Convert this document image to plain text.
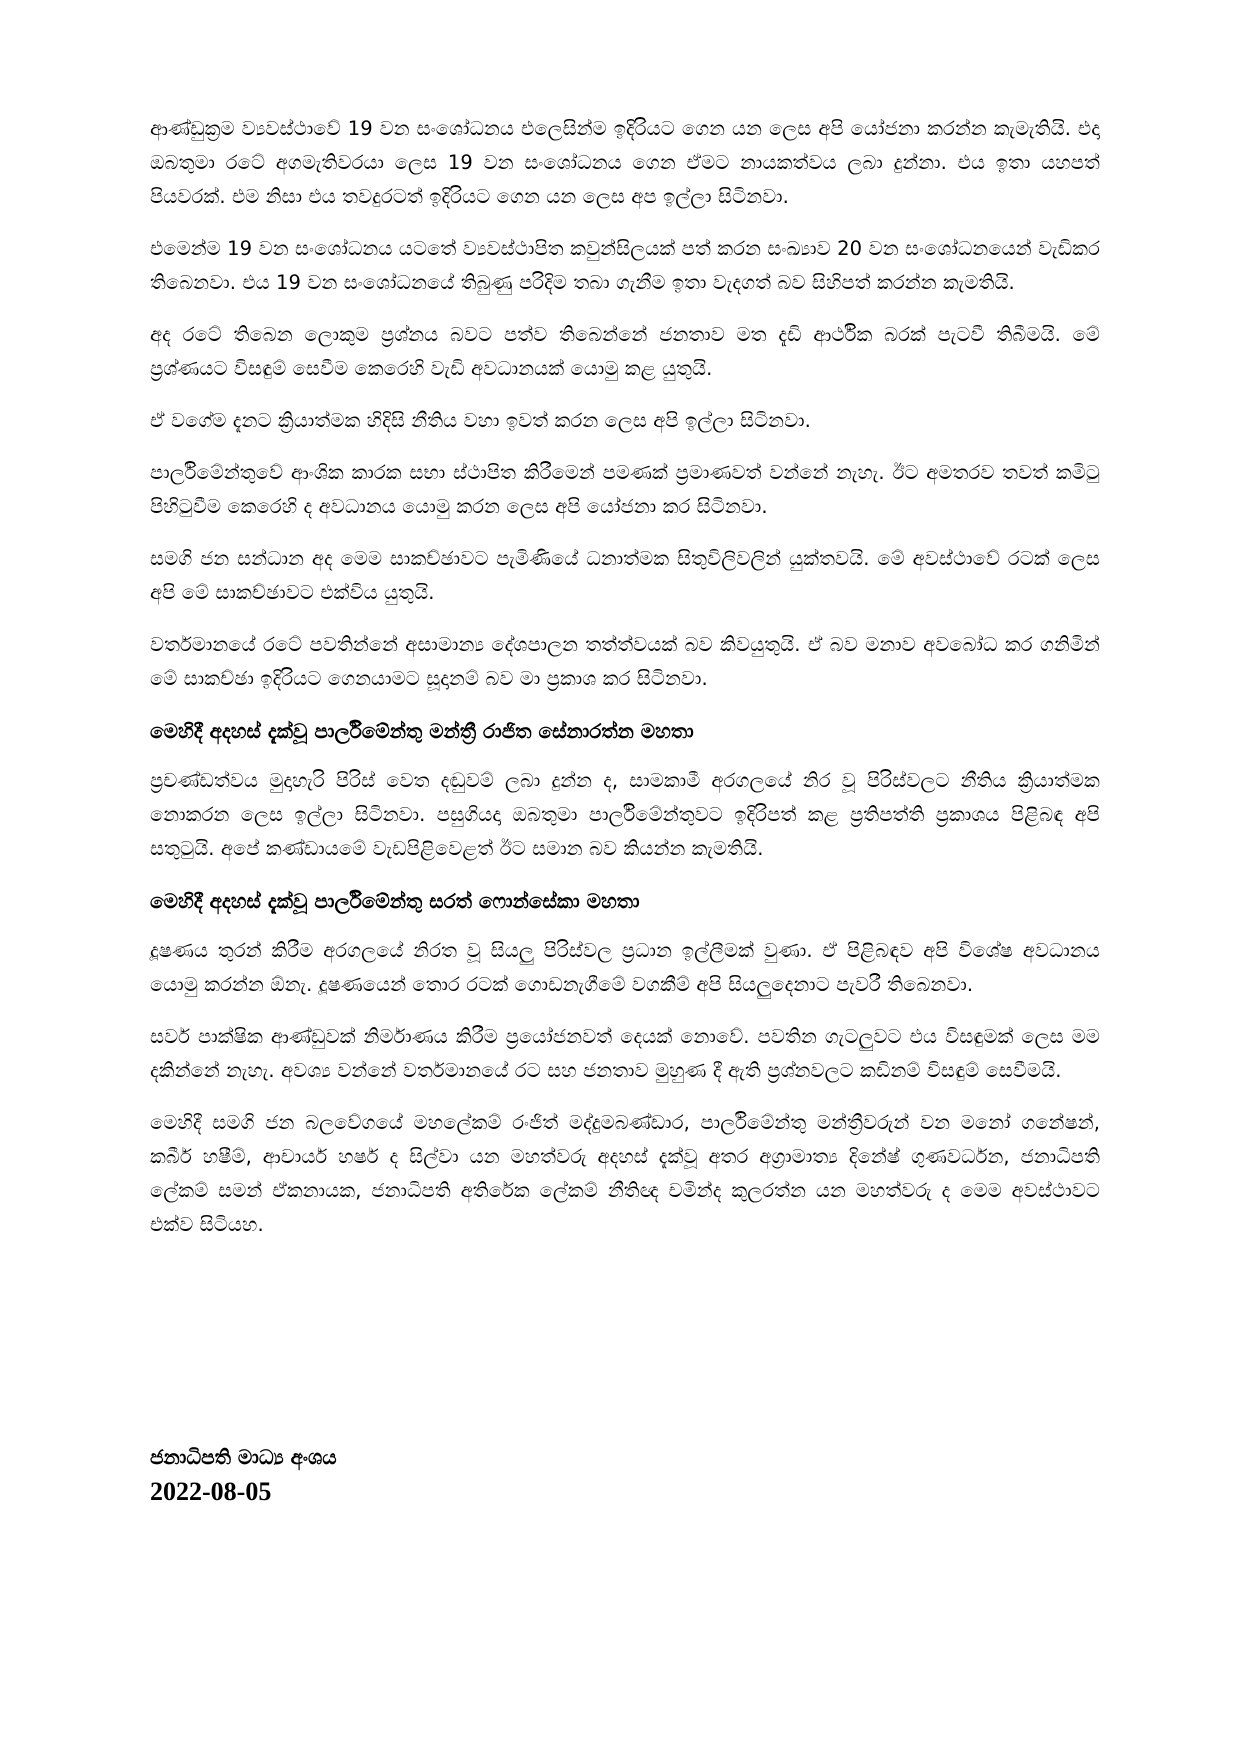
ආණ්ඩුක්‍රම ව්‍යවස්ථාවේ 19 වන සංශෝධනය එලෙසින්ම ඉදිරියට ගෙන යන ලෙස අපි යෝජනා කරන්න කැමැතියි. එදා ඔබතුමා රටේ අගමැතිවරයා ලෙස 19 වන සංශෝධනය ගෙන ඒමට නායකත්වය ලබා දුන්නා. එය ඉතා යහපත් පියවරක්. එම නිසා එය තවදුරටත් ඉදිරියට ගෙන යන ලෙස අප ඉල්ලා සිටිනවා.

එමෙන්ම 19 වන සංශෝධනය යටතේ ව්‍යවස්ථාපිත කවුන්සිලයක් පත් කරන සංඛ්‍යාව 20 වන සංශෝධනයෙන් වැඩිකර තිබෙනවා. එය 19 වන සංශෝධනයේ තිබුණු පරිදිම තබා ගැනීම ඉතා වැදගත් බව සිහිපත් කරන්න කැමතියි.

අද රටේ තිබෙන ලොකුම ප්‍රශ්නය බවට පත්ව තිබෙන්නේ ජනතාව මත දැඩි ආර්ථික බරක් පැටවී තිබීමයි. මේ ප්‍රශ්ණයට විසඳුම් සෙවීම කෙරෙහි වැඩි අවධානයක් යොමු කළ යුතුයි.

ඒ වගේම දැනට ක්‍රියාත්මක හිදිසි නීතිය වහා ඉවත් කරන ලෙස අපි ඉල්ලා සිටිනවා.

පාර්ලිමේන්තුවේ ආංශික කාරක සභා ස්ථාපිත කිරීමෙන් පමණක් ප්‍රමාණවත් වන්නේ නැහැ. ඊට අමතරව තවත් කමිටු පිහිටුවීම කෙරෙහි ද අවධානය යොමු කරන ලෙස අපි යෝජනා කර සිටිනවා.

සමගි ජන සන්ධාන අද මෙම සාකච්ඡාවට පැමිණියේ ධනාත්මක සිතුවිලිවලින් යුක්තවයි. මේ අවස්ථාවේ රටක් ලෙස අපි මේ සාකච්ඡාවට එක්විය යුතුයි.

වර්තමානයේ රටේ පවතින්නේ අසාමාන්‍ය දේශපාලන තත්ත්වයක් බව කිවයුතුයි. ඒ බව මනාව අවබෝධ කර ගනිමින් මේ සාකච්ඡා ඉදිරියට ගෙනයාමට සූදානම් බව මා ප්‍රකාශ කර සිටිනවා.

මෙහිදී අදහස් දැක්වූ පාර්ලිමේන්තු මන්ත්‍රී රාජිත සේනාරත්න මහතා

ප්‍රචණ්ඩත්වය මුදාහැරි පිරිස් වෙත දඬුවම් ලබා දුන්න ද, සාමකාමී අරගලයේ නිර වූ පිරිස්වලට නීතිය ක්‍රියාත්මක නොකරන ලෙස ඉල්ලා සිටිනවා. පසුගියදා ඔබතුමා පාර්ලිමේන්තුවට ඉදිරිපත් කළ ප්‍රතිපත්ති ප්‍රකාශය පිළිබඳ අපි සතුටුයි. අපේ කණ්ඩායමේ වැඩපිළිවෙළත් ඊට සමාන බව කියන්න කැමතියි.

මෙහිදී අදහස් දැක්වූ පාර්ලිමේන්තු සරත් ෆොන්සේකා මහතා

දූෂණය තුරන් කිරීම අරගලයේ නිරත වූ සියලු පිරිස්වල ප්‍රධාන ඉල්ලීමක් වුණා. ඒ පිළිබඳව අපි විශේෂ අවධානය යොමු කරන්න ඕනැ. දූෂණයෙන් තොර රටක් ගොඩනැගීමේ වගකීම් අපි සියලුදෙනාට පැවරී තිබෙනවා.

සර්ව පාක්ෂික ආණ්ඩුවක් නිර්මාණය කිරීම ප්‍රයෝජනවත් දෙයක් නොවේ. පවතින ගැටලුවට එය විසඳුමක් ලෙස මම දකින්නේ නැහැ. අවශ්‍ය වන්නේ වර්තමානයේ රට සහ ජනතාව මුහුණ දී ඇති ප්‍රශ්නවලට කඩිනම් විසඳුම් සෙවීමයි.

මෙහිදී සමගි ජන බලවේගයේ මහලේකම් රංජිත් මද්දුමබණ්ඩාර, පාර්ලිමේන්තු මන්ත්‍රීවරුන් වන මනෝ ගනේෂන්, කබීර් හෂීම්, ආචාර්ය හර්ෂ ද සිල්වා යන මහත්වරු අදහස් දැක්වූ අතර අග්‍රාමාත්‍ය දිනේෂ් ගුණවර්ධන, ජනාධිපති ලේකම් සමන් ඒකනායක, ජනාධිපති අතිරේක ලේකම් නීතිඥ චමින්ද කුලරත්න යන මහත්වරු ද මෙම අවස්ථාවට එක්ව සිටියහ.

ජනාධිපති මාධ්‍ය අංශය

2022-08-05
